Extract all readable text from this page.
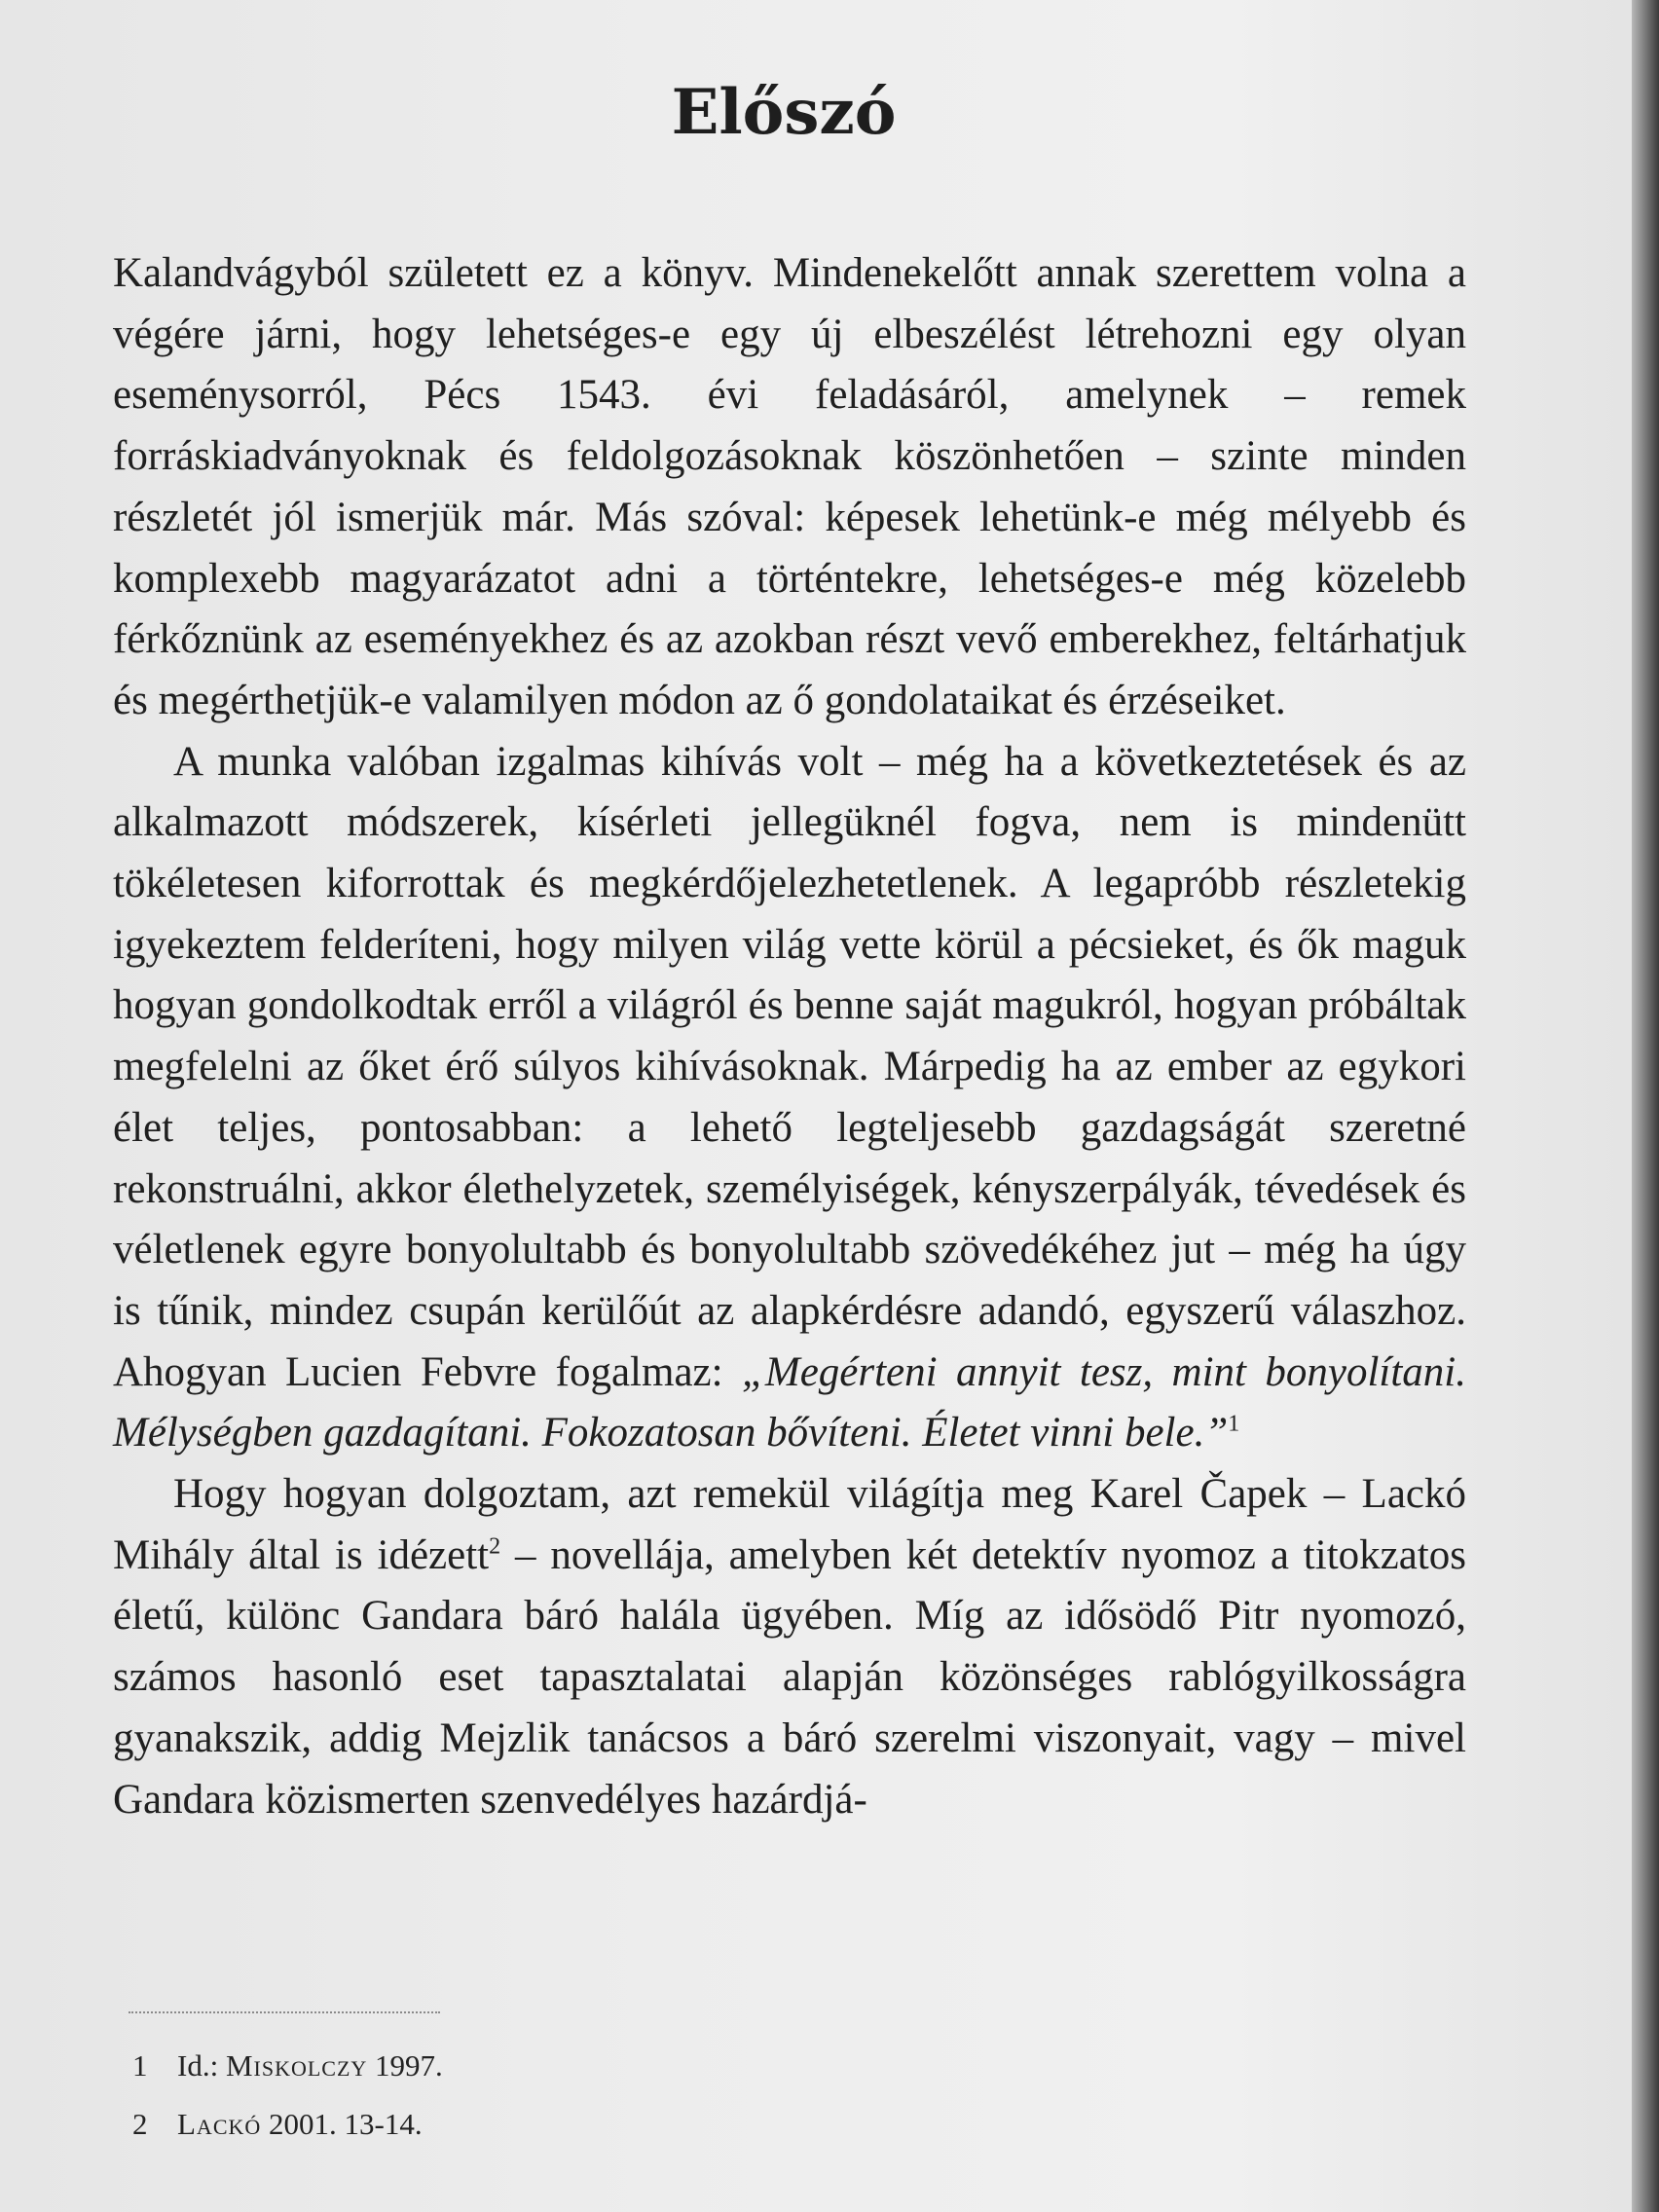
Előszó

Kalandvágyból született ez a könyv. Mindenekelőtt annak szerettem volna a végére járni, hogy lehetséges-e egy új elbeszélést létrehozni egy olyan eseménysorról, Pécs 1543. évi feladásáról, amelynek – remek forráskiadványoknak és feldolgozásoknak köszönhetően – szinte minden részletét jól ismerjük már. Más szóval: képesek lehetünk-e még mélyebb és komplexebb magyarázatot adni a történtekre, lehetséges-e még közelebb férkőznünk az eseményekhez és az azokban részt vevő emberekhez, feltárhatjuk és megérthetjük-e valamilyen módon az ő gondolataikat és érzéseiket.

A munka valóban izgalmas kihívás volt – még ha a következtetések és az alkalmazott módszerek, kísérleti jellegüknél fogva, nem is mindenütt tökéletesen kiforrottak és megkérdőjelezhetetlenek. A legapróbb részletekig igyekeztem felderíteni, hogy milyen világ vette körül a pécsieket, és ők maguk hogyan gondolkodtak erről a világról és benne saját magukról, hogyan próbáltak megfelelni az őket érő súlyos kihívásoknak. Márpedig ha az ember az egykori élet teljes, pontosabban: a lehető legteljesebb gazdagságát szeretné rekonstruálni, akkor élethelyzetek, személyiségek, kényszerpályák, tévedések és véletlenek egyre bonyolultabb és bonyolultabb szövedékéhez jut – még ha úgy is tűnik, mindez csupán kerülőút az alapkérdésre adandó, egyszerű válaszhoz. Ahogyan Lucien Febvre fogalmaz: „Megérteni annyit tesz, mint bonyolítani. Mélységben gazdagítani. Fokozatosan bővíteni. Életet vinni bele.”$^1$

Hogy hogyan dolgoztam, azt remekül világítja meg Karel Čapek – Lackó Mihály által is idézett$^2$ – novellája, amelyben két detektív nyomoz a titokzatos életű, különc Gandara báró halála ügyében. Míg az idősödő Pitr nyomozó, számos hasonló eset tapasztalatai alapján közönséges rablógyilkosságra gyanakszik, addig Mejzlik tanácsos a báró szerelmi viszonyait, vagy – mivel Gandara közismerten szenvedélyes hazárdjá-

1 Id.: Miskolczy 1997.
2 Lackó 2001. 13-14.
